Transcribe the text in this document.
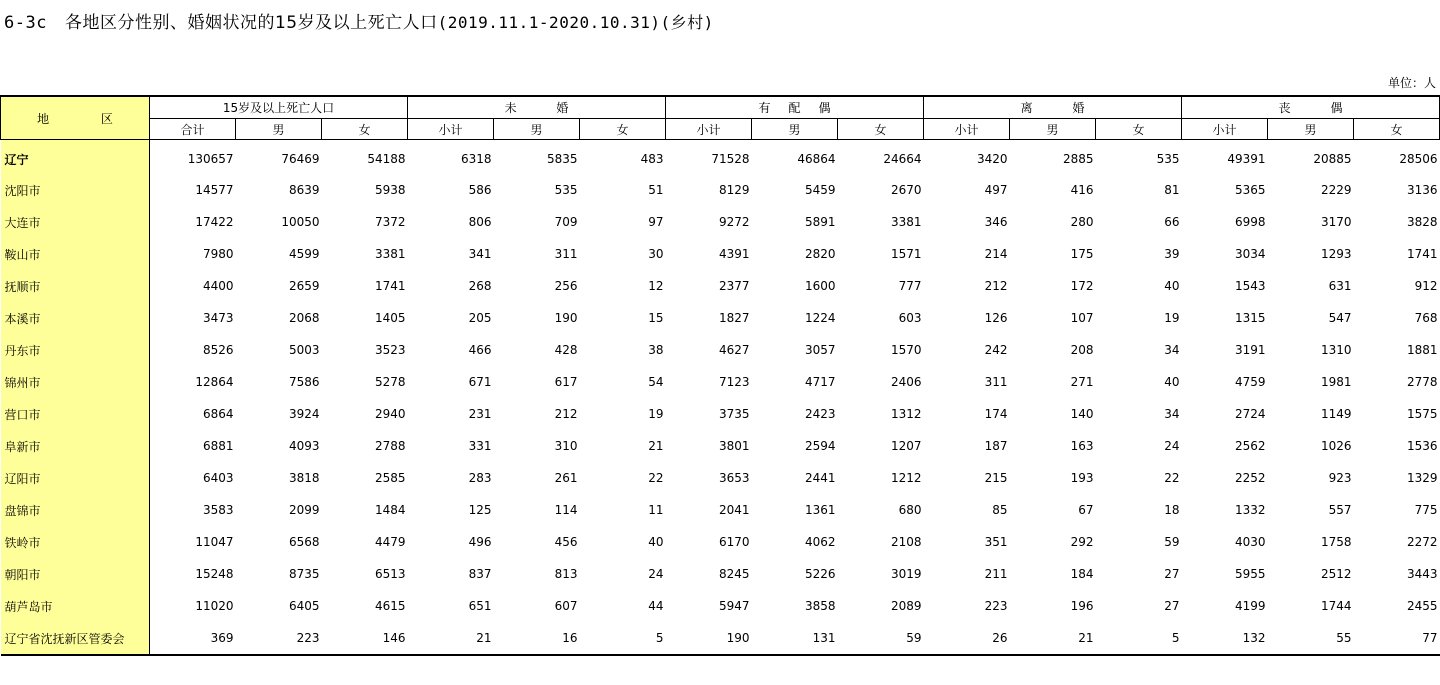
6-3c 各地区分性别、婚姻状况的15岁及以上死亡人口(2019.11.1-2020.10.31)(乡村)
单位：人
地 区	15岁及以上死亡人口			未 婚			有配偶			离 婚			丧 偶		
	合计	男	女	小计	男	女	小计	男	女	小计	男	女	小计	男	女
辽宁	130657	76469	54188	6318	5835	483	71528	46864	24664	3420	2885	535	49391	20885	28506
沈阳市	14577	8639	5938	586	535	51	8129	5459	2670	497	416	81	5365	2229	3136
大连市	17422	10050	7372	806	709	97	9272	5891	3381	346	280	66	6998	3170	3828
鞍山市	7980	4599	3381	341	311	30	4391	2820	1571	214	175	39	3034	1293	1741
抚顺市	4400	2659	1741	268	256	12	2377	1600	777	212	172	40	1543	631	912
本溪市	3473	2068	1405	205	190	15	1827	1224	603	126	107	19	1315	547	768
丹东市	8526	5003	3523	466	428	38	4627	3057	1570	242	208	34	3191	1310	1881
锦州市	12864	7586	5278	671	617	54	7123	4717	2406	311	271	40	4759	1981	2778
营口市	6864	3924	2940	231	212	19	3735	2423	1312	174	140	34	2724	1149	1575
阜新市	6881	4093	2788	331	310	21	3801	2594	1207	187	163	24	2562	1026	1536
辽阳市	6403	3818	2585	283	261	22	3653	2441	1212	215	193	22	2252	923	1329
盘锦市	3583	2099	1484	125	114	11	2041	1361	680	85	67	18	1332	557	775
铁岭市	11047	6568	4479	496	456	40	6170	4062	2108	351	292	59	4030	1758	2272
朝阳市	15248	8735	6513	837	813	24	8245	5226	3019	211	184	27	5955	2512	3443
葫芦岛市	11020	6405	4615	651	607	44	5947	3858	2089	223	196	27	4199	1744	2455
辽宁省沈抚新区管委会	369	223	146	21	16	5	190	131	59	26	21	5	132	55	77
